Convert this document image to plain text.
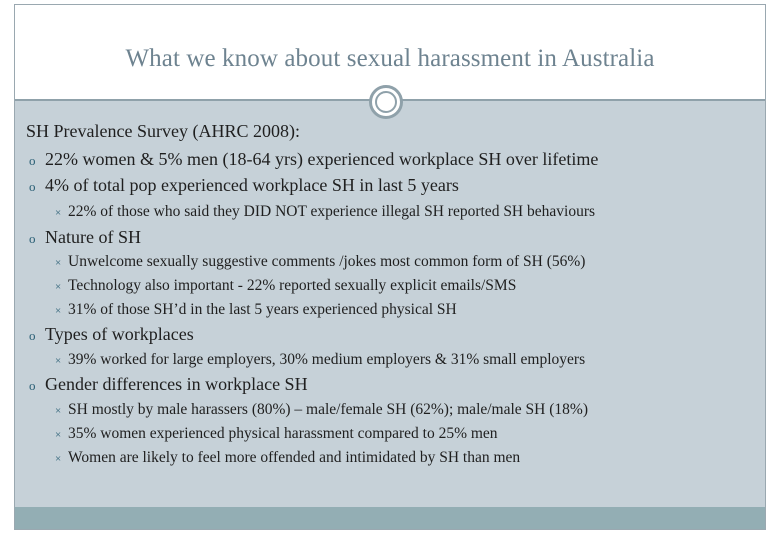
What we know about sexual harassment in Australia
SH Prevalence Survey (AHRC 2008):
o 22% women & 5% men (18-64 yrs) experienced workplace SH over lifetime
o 4% of total pop experienced workplace SH in last 5 years
× 22% of those who said they DID NOT experience illegal SH reported SH behaviours
o Nature of SH
× Unwelcome sexually suggestive comments /jokes most common form of SH (56%)
× Technology also important - 22% reported sexually explicit emails/SMS
× 31% of those SH’d in the last 5 years experienced physical SH
o Types of workplaces
× 39% worked for large employers, 30% medium employers & 31% small employers
o Gender differences in workplace SH
× SH mostly by male harassers (80%) – male/female SH (62%); male/male SH (18%)
× 35% women experienced physical harassment compared to 25% men
× Women are likely to feel more offended and intimidated by SH than men
